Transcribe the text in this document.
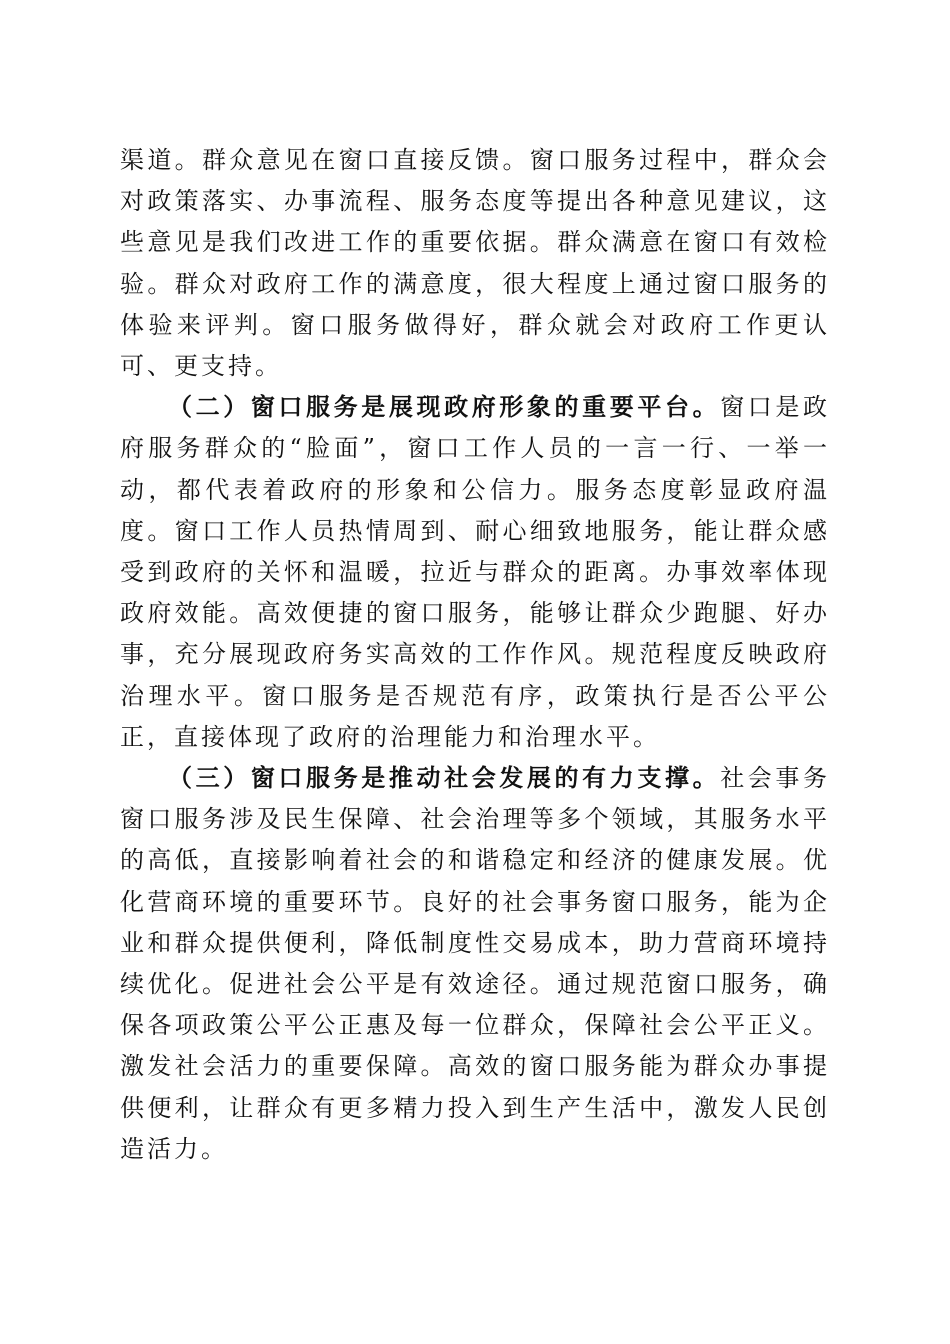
渠道。群众意见在窗口直接反馈。窗口服务过程中，群众会对政策落实、办事流程、服务态度等提出各种意见建议，这些意见是我们改进工作的重要依据。群众满意在窗口有效检验。群众对政府工作的满意度，很大程度上通过窗口服务的体验来评判。窗口服务做得好，群众就会对政府工作更认可、更支持。

（二）窗口服务是展现政府形象的重要平台。窗口是政府服务群众的“脸面”，窗口工作人员的一言一行、一举一动，都代表着政府的形象和公信力。服务态度彰显政府温度。窗口工作人员热情周到、耐心细致地服务，能让群众感受到政府的关怀和温暖，拉近与群众的距离。办事效率体现政府效能。高效便捷的窗口服务，能够让群众少跑腿、好办事，充分展现政府务实高效的工作作风。规范程度反映政府治理水平。窗口服务是否规范有序，政策执行是否公平公正，直接体现了政府的治理能力和治理水平。

（三）窗口服务是推动社会发展的有力支撑。社会事务窗口服务涉及民生保障、社会治理等多个领域，其服务水平的高低，直接影响着社会的和谐稳定和经济的健康发展。优化营商环境的重要环节。良好的社会事务窗口服务，能为企业和群众提供便利，降低制度性交易成本，助力营商环境持续优化。促进社会公平是有效途径。通过规范窗口服务，确保各项政策公平公正惠及每一位群众，保障社会公平正义。激发社会活力的重要保障。高效的窗口服务能为群众办事提供便利，让群众有更多精力投入到生产生活中，激发人民创造活力。
